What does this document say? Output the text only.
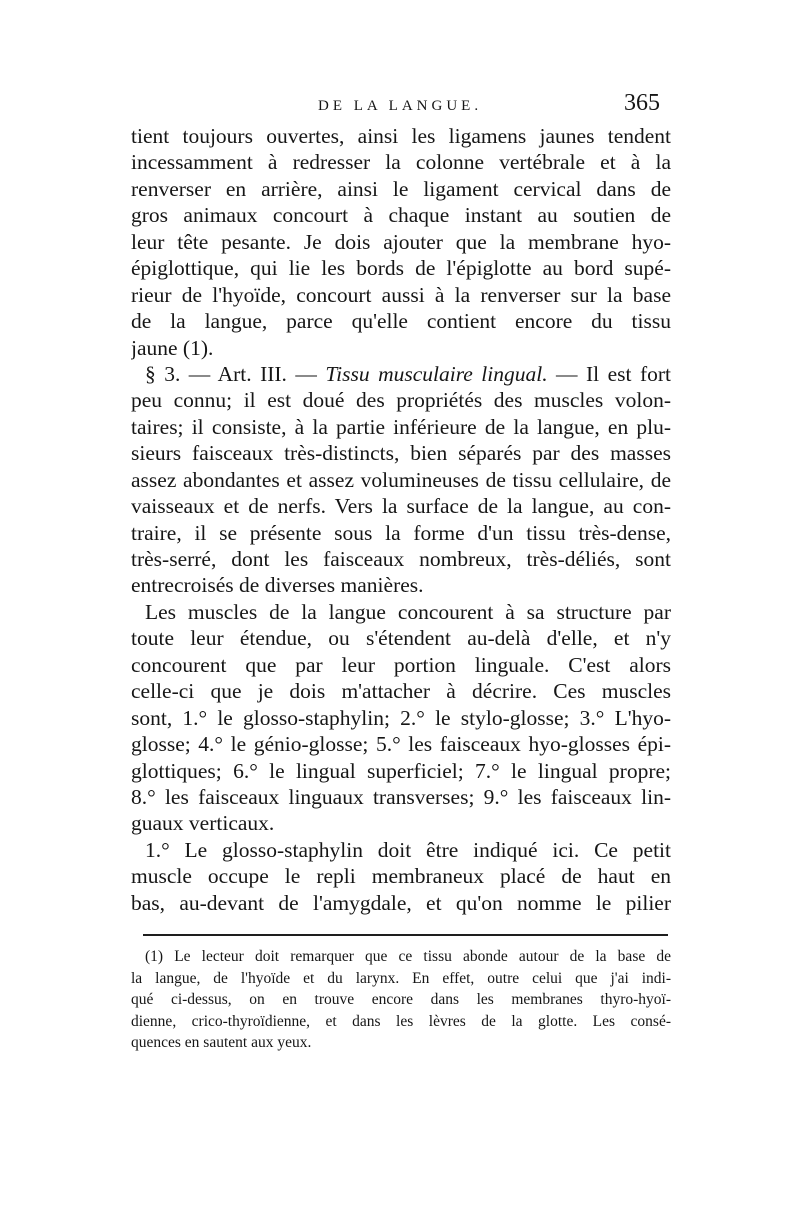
DE LA LANGUE.	365
tient toujours ouvertes, ainsi les ligamens jaunes tendent
incessamment à redresser la colonne vertébrale et à la
renverser en arrière, ainsi le ligament cervical dans de
gros animaux concourt à chaque instant au soutien de
leur tête pesante. Je dois ajouter que la membrane hyo-
épiglottique, qui lie les bords de l'épiglotte au bord supé-
rieur de l'hyoïde, concourt aussi à la renverser sur la base
de la langue, parce qu'elle contient encore du tissu
jaune (1).
§ 3. — Art. III. — Tissu musculaire lingual. — Il est fort
peu connu; il est doué des propriétés des muscles volon-
taires; il consiste, à la partie inférieure de la langue, en plu-
sieurs faisceaux très-distincts, bien séparés par des masses
assez abondantes et assez volumineuses de tissu cellulaire, de
vaisseaux et de nerfs. Vers la surface de la langue, au con-
traire, il se présente sous la forme d'un tissu très-dense,
très-serré, dont les faisceaux nombreux, très-déliés, sont
entrecroisés de diverses manières.
Les muscles de la langue concourent à sa structure par
toute leur étendue, ou s'étendent au-delà d'elle, et n'y
concourent que par leur portion linguale. C'est alors
celle-ci que je dois m'attacher à décrire. Ces muscles
sont, 1.° le glosso-staphylin; 2.° le stylo-glosse; 3.° L'hyo-
glosse; 4.° le génio-glosse; 5.° les faisceaux hyo-glosses épi-
glottiques; 6.° le lingual superficiel; 7.° le lingual propre;
8.° les faisceaux linguaux transverses; 9.° les faisceaux lin-
guaux verticaux.
1.° Le glosso-staphylin doit être indiqué ici. Ce petit
muscle occupe le repli membraneux placé de haut en
bas, au-devant de l'amygdale, et qu'on nomme le pilier
(1) Le lecteur doit remarquer que ce tissu abonde autour de la base de
la langue, de l'hyoïde et du larynx. En effet, outre celui que j'ai indi-
qué ci-dessus, on en trouve encore dans les membranes thyro-hyoï-
dienne, crico-thyroïdienne, et dans les lèvres de la glotte. Les consé-
quences en sautent aux yeux.
